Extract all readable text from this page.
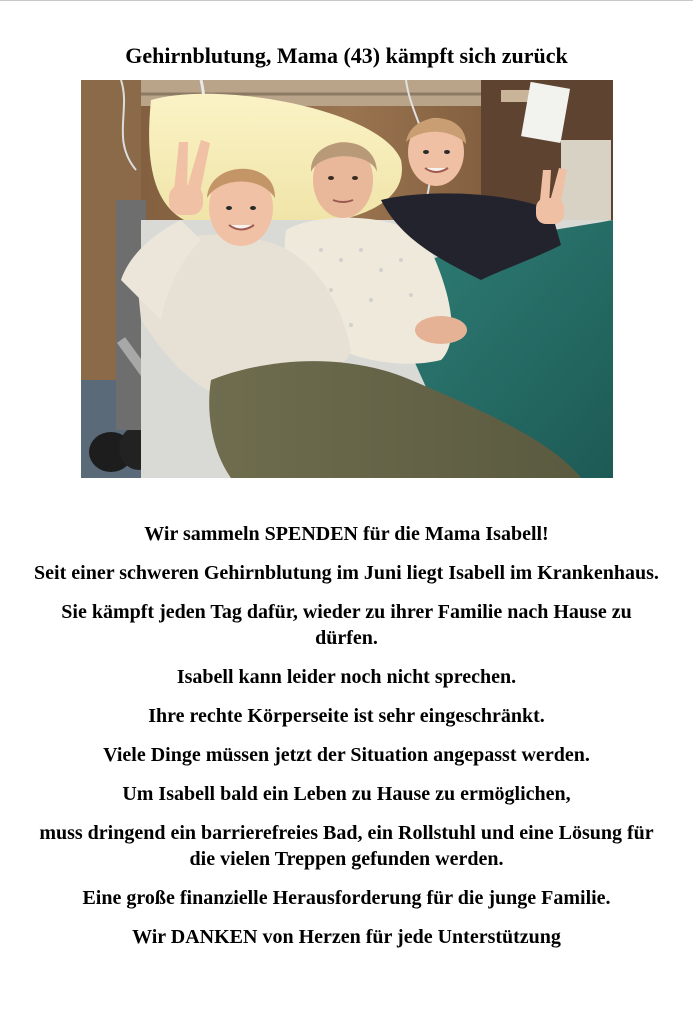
Gehirnblutung, Mama (43) kämpft sich zurück

Wir sammeln SPENDEN für die Mama Isabell!

Seit einer schweren Gehirnblutung im Juni liegt Isabell im Krankenhaus.

Sie kämpft jeden Tag dafür, wieder zu ihrer Familie nach Hause zu dürfen.

Isabell kann leider noch nicht sprechen.

Ihre rechte Körperseite ist sehr eingeschränkt.

Viele Dinge müssen jetzt der Situation angepasst werden.

Um Isabell bald ein Leben zu Hause zu ermöglichen,

muss dringend ein barrierefreies Bad, ein Rollstuhl und eine Lösung für die vielen Treppen gefunden werden.

Eine große finanzielle Herausforderung für die junge Familie.

Wir DANKEN von Herzen für jede Unterstützung
